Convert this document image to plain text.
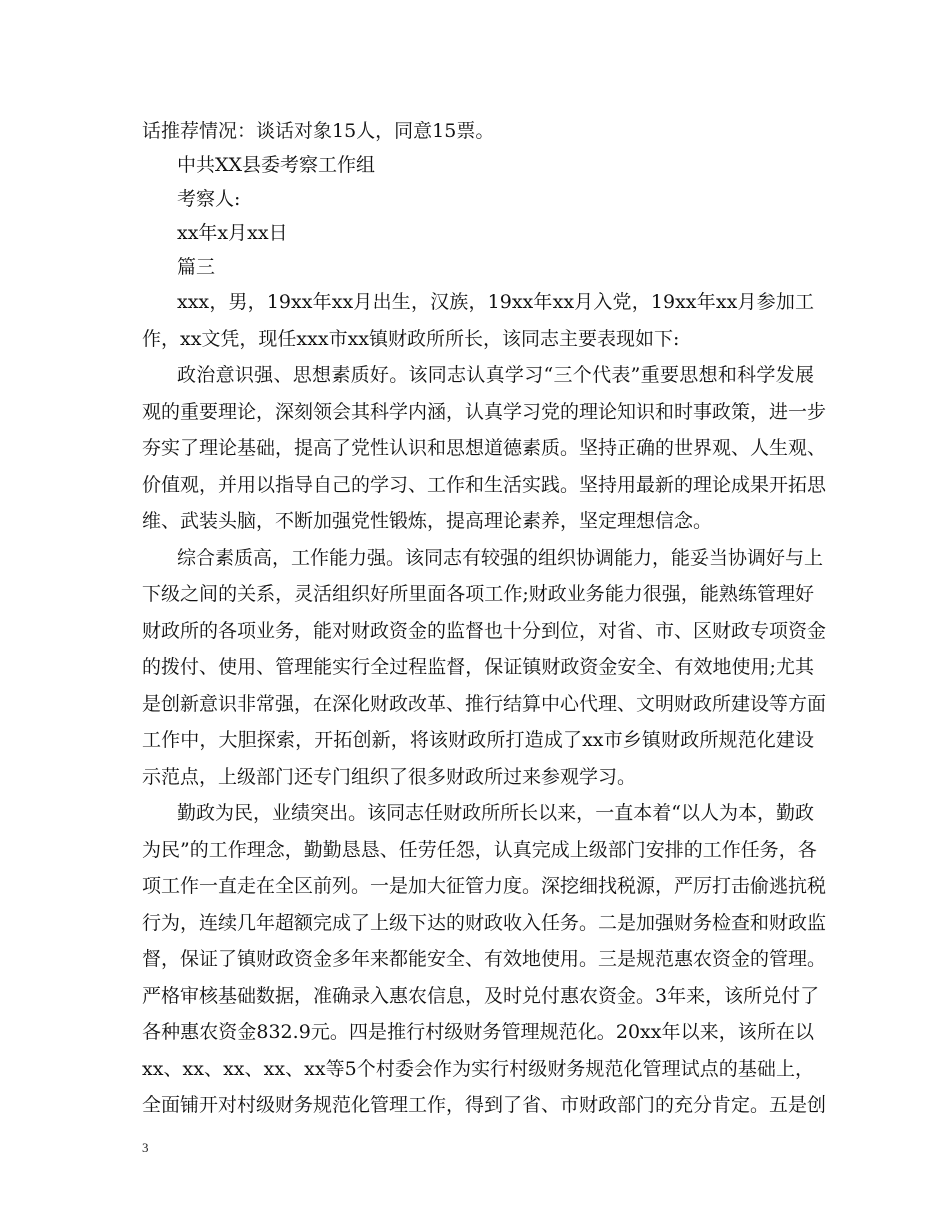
话推荐情况：谈话对象15人，同意15票。
中共XX县委考察工作组
考察人:
xx年x月xx日
篇三
xxx，男，19xx年xx月出生，汉族，19xx年xx月入党，19xx年xx月参加工
作，xx文凭，现任xxx市xx镇财政所所长，该同志主要表现如下:
政治意识强、思想素质好。该同志认真学习“三个代表”重要思想和科学发展
观的重要理论，深刻领会其科学内涵，认真学习党的理论知识和时事政策，进一步
夯实了理论基础，提高了党性认识和思想道德素质。坚持正确的世界观、人生观、
价值观，并用以指导自己的学习、工作和生活实践。坚持用最新的理论成果开拓思
维、武装头脑，不断加强党性锻炼，提高理论素养，坚定理想信念。
综合素质高，工作能力强。该同志有较强的组织协调能力，能妥当协调好与上
下级之间的关系，灵活组织好所里面各项工作;财政业务能力很强，能熟练管理好
财政所的各项业务，能对财政资金的监督也十分到位，对省、市、区财政专项资金
的拨付、使用、管理能实行全过程监督，保证镇财政资金安全、有效地使用;尤其
是创新意识非常强，在深化财政改革、推行结算中心代理、文明财政所建设等方面
工作中，大胆探索，开拓创新，将该财政所打造成了xx市乡镇财政所规范化建设
示范点，上级部门还专门组织了很多财政所过来参观学习。
勤政为民，业绩突出。该同志任财政所所长以来，一直本着“以人为本，勤政
为民”的工作理念，勤勤恳恳、任劳任怨，认真完成上级部门安排的工作任务，各
项工作一直走在全区前列。一是加大征管力度。深挖细找税源，严厉打击偷逃抗税
行为，连续几年超额完成了上级下达的财政收入任务。二是加强财务检查和财政监
督，保证了镇财政资金多年来都能安全、有效地使用。三是规范惠农资金的管理。
严格审核基础数据，准确录入惠农信息，及时兑付惠农资金。3年来，该所兑付了
各种惠农资金832.9元。四是推行村级财务管理规范化。20xx年以来，该所在以
xx、xx、xx、xx、xx等5个村委会作为实行村级财务规范化管理试点的基础上，
全面铺开对村级财务规范化管理工作，得到了省、市财政部门的充分肯定。五是创
3
